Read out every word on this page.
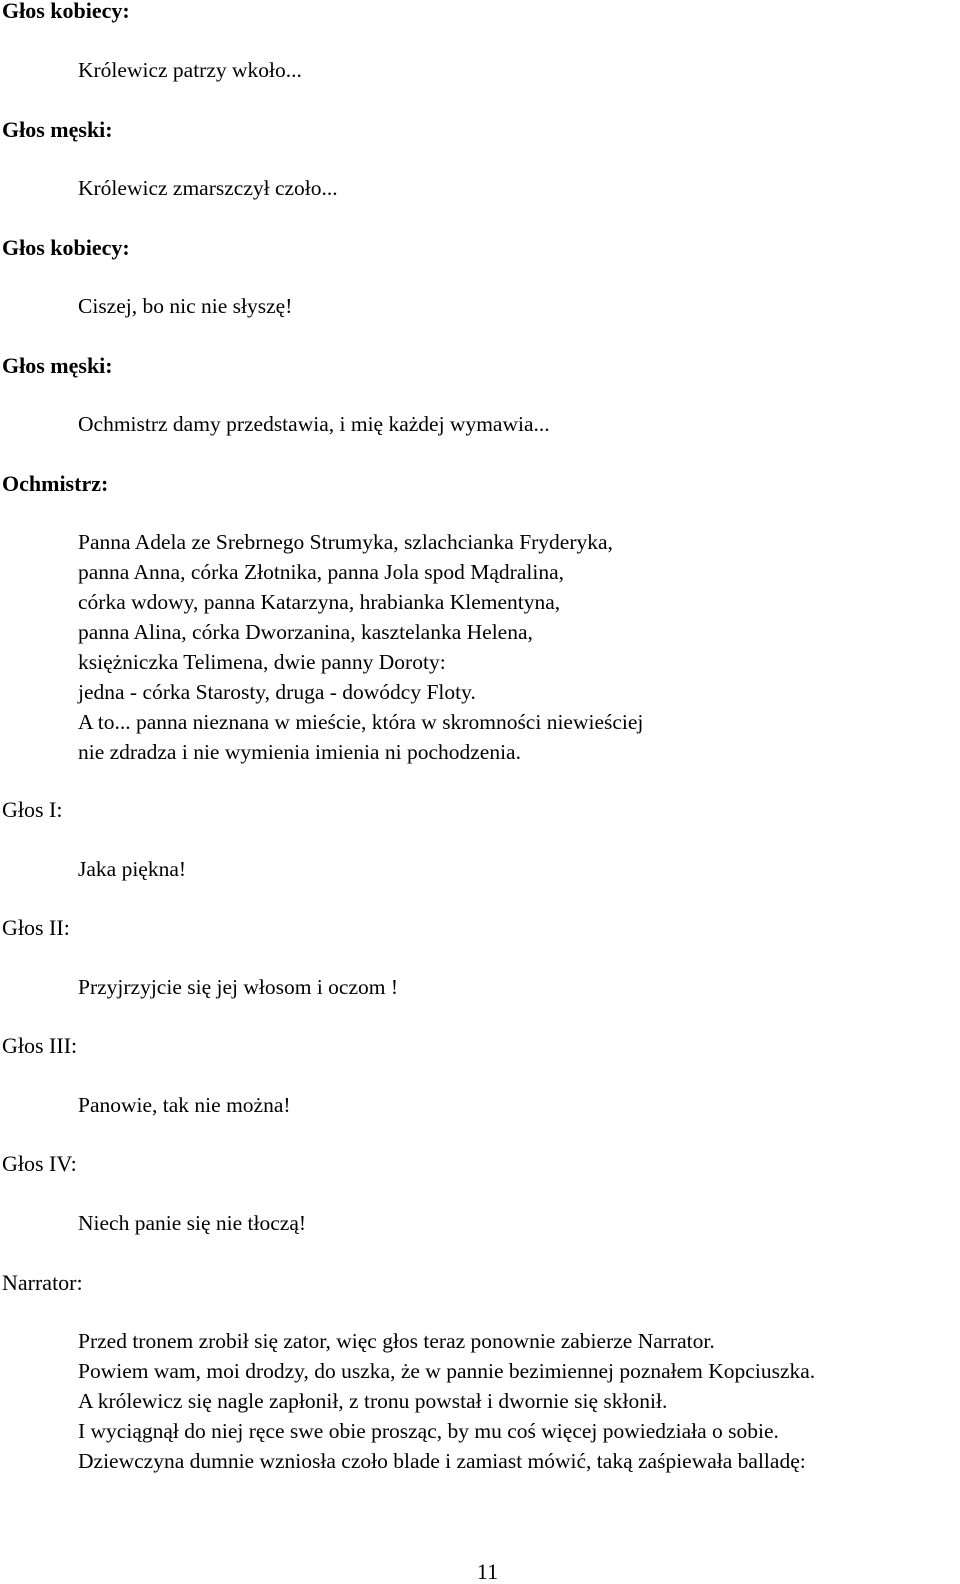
Głos kobiecy:
Królewicz patrzy wkoło...
Głos męski:
Królewicz zmarszczył czoło...
Głos kobiecy:
Ciszej, bo nic nie słyszę!
Głos męski:
Ochmistrz damy przedstawia, i mię każdej wymawia...
Ochmistrz:
Panna Adela ze Srebrnego Strumyka, szlachcianka Fryderyka,
panna Anna, córka Złotnika, panna Jola spod Mądralina,
córka wdowy, panna Katarzyna, hrabianka Klementyna,
panna Alina, córka Dworzanina, kasztelanka Helena,
księżniczka Telimena, dwie panny Doroty:
jedna - córka Starosty, druga - dowódcy Floty.
A to... panna nieznana w mieście, która w skromności niewieściej
nie zdradza i nie wymienia imienia ni pochodzenia.
Głos I:
Jaka piękna!
Głos II:
Przyjrzyjcie się jej włosom i oczom !
Głos III:
Panowie, tak nie można!
Głos IV:
Niech panie się nie tłoczą!
Narrator:
Przed tronem zrobił się zator, więc głos teraz ponownie zabierze Narrator.
Powiem wam, moi drodzy, do uszka, że w pannie bezimiennej poznałem Kopciuszka.
A królewicz się nagle zapłonił, z tronu powstał i dwornie się skłonił.
I wyciągnął do niej ręce swe obie prosząc, by mu coś więcej powiedziała o sobie.
Dziewczyna dumnie wzniosła czoło blade i zamiast mówić, taką zaśpiewała balladę:
11
